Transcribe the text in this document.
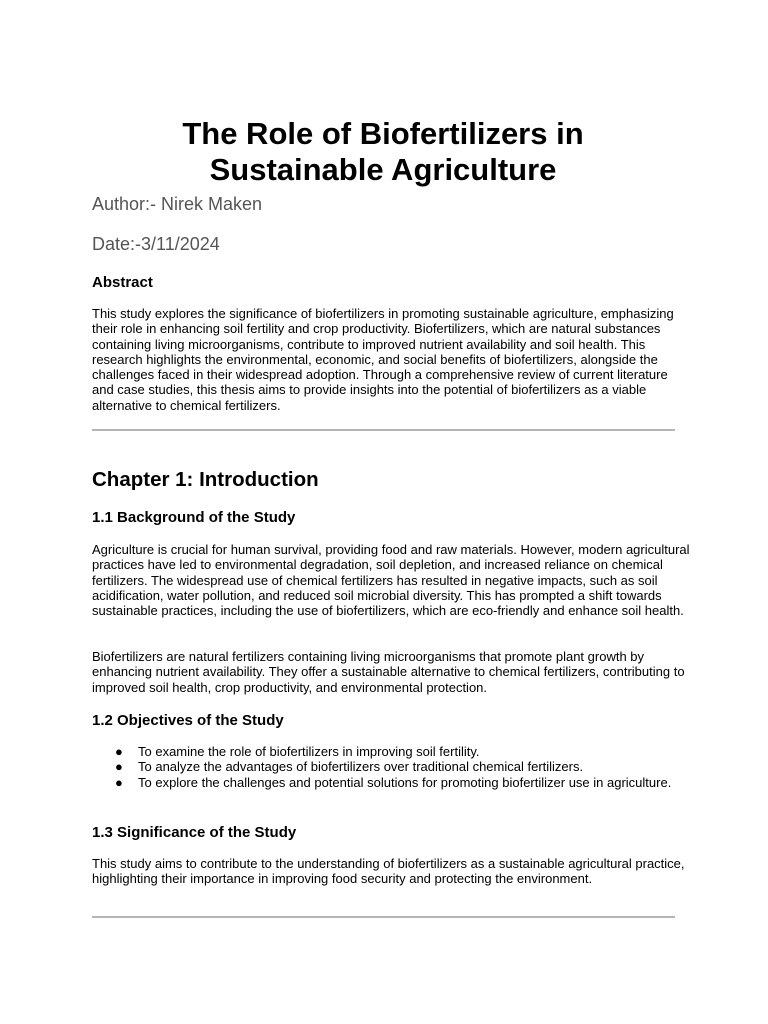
The Role of Biofertilizers in Sustainable Agriculture

Author:- Nirek Maken

Date:-3/11/2024

Abstract

This study explores the significance of biofertilizers in promoting sustainable agriculture, emphasizing their role in enhancing soil fertility and crop productivity. Biofertilizers, which are natural substances containing living microorganisms, contribute to improved nutrient availability and soil health. This research highlights the environmental, economic, and social benefits of biofertilizers, alongside the challenges faced in their widespread adoption. Through a comprehensive review of current literature and case studies, this thesis aims to provide insights into the potential of biofertilizers as a viable alternative to chemical fertilizers.

Chapter 1: Introduction
1.1 Background of the Study

Agriculture is crucial for human survival, providing food and raw materials. However, modern agricultural practices have led to environmental degradation, soil depletion, and increased reliance on chemical fertilizers. The widespread use of chemical fertilizers has resulted in negative impacts, such as soil acidification, water pollution, and reduced soil microbial diversity. This has prompted a shift towards sustainable practices, including the use of biofertilizers, which are eco-friendly and enhance soil health.

Biofertilizers are natural fertilizers containing living microorganisms that promote plant growth by enhancing nutrient availability. They offer a sustainable alternative to chemical fertilizers, contributing to improved soil health, crop productivity, and environmental protection.

1.2 Objectives of the Study
● To examine the role of biofertilizers in improving soil fertility.
● To analyze the advantages of biofertilizers over traditional chemical fertilizers.
● To explore the challenges and potential solutions for promoting biofertilizer use in agriculture.
1.3 Significance of the Study

This study aims to contribute to the understanding of biofertilizers as a sustainable agricultural practice, highlighting their importance in improving food security and protecting the environment.
